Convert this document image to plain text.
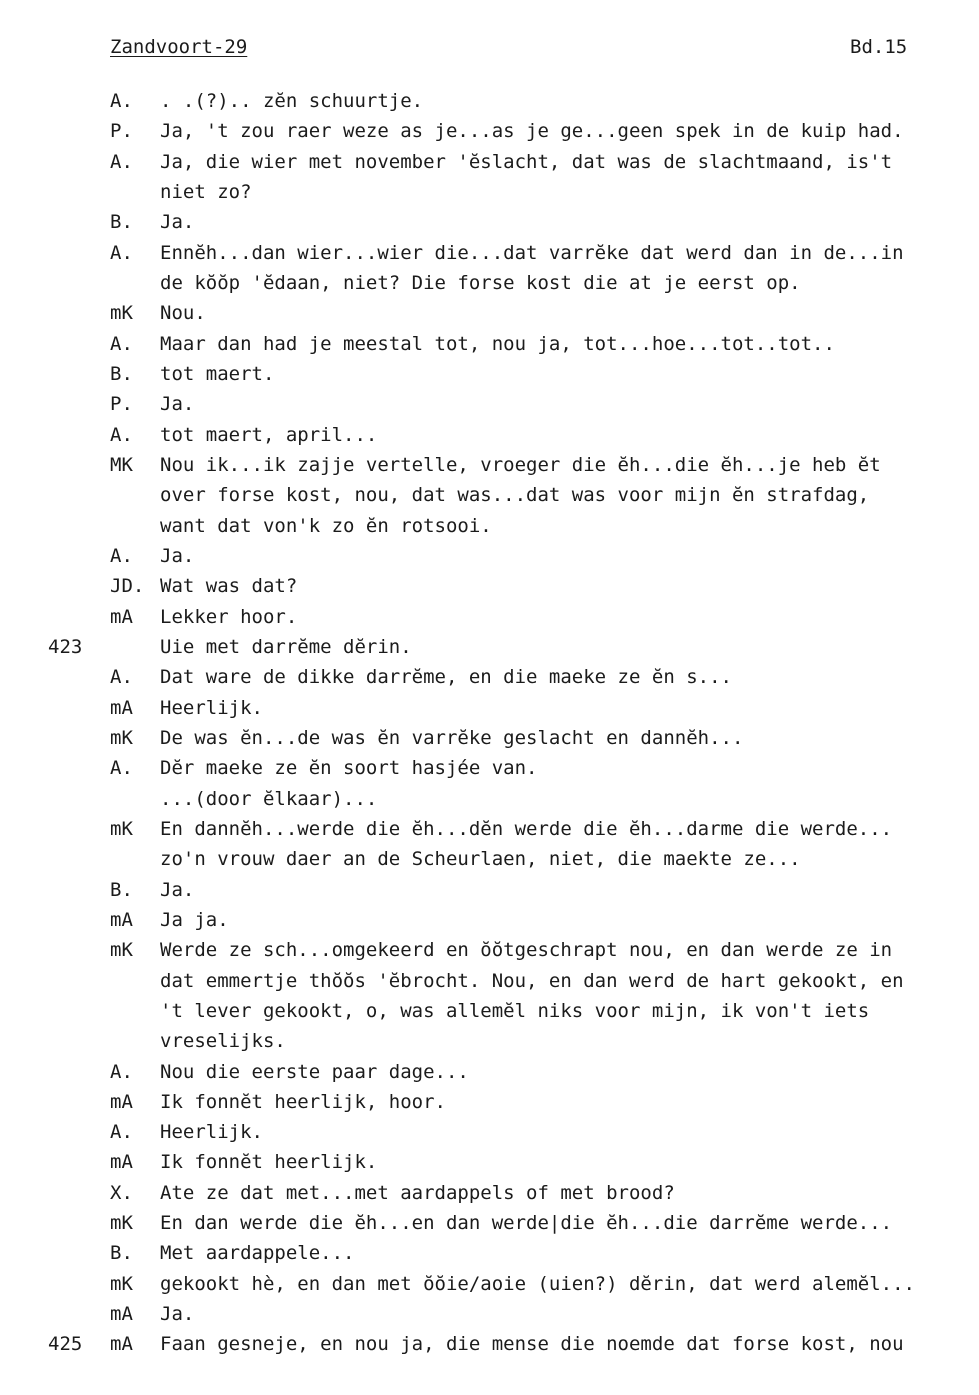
Zandvoort-29	Bd.15
A. . .(?).. zĕn schuurtje.
P. Ja, 't zou raer weze as je...as je ge...geen spek in de kuip had.
A. Ja, die wier met november 'ĕslacht, dat was de slachtmaand, is't
niet zo?
B. Ja.
A. Ennĕh...dan wier...wier die...dat varrĕke dat werd dan in de...in
de kŏŏp 'ĕdaan, niet? Die forse kost die at je eerst op.
mK Nou.
A. Maar dan had je meestal tot, nou ja, tot...hoe...tot..tot..
B. tot maert.
P. Ja.
A. tot maert, april...
MK Nou ik...ik zajje vertelle, vroeger die ĕh...die ĕh...je heb ĕt
over forse kost, nou, dat was...dat was voor mijn ĕn strafdag,
want dat von'k zo ĕn rotsooi.
A. Ja.
JD. Wat was dat?
mA Lekker hoor.
423	Uie met darrĕme dĕrin.
A. Dat ware de dikke darrĕme, en die maeke ze ĕn s...
mA Heerlijk.
mK De was ĕn...de was ĕn varrĕke geslacht en dannĕh...
A. Dĕr maeke ze ĕn soort hasjée van.
...(door ĕlkaar)...
mK En dannĕh...werde die ĕh...dĕn werde die ĕh...darme die werde...
zo'n vrouw daer an de Scheurlaen, niet, die maekte ze...
B. Ja.
mA Ja ja.
mK Werde ze sch...omgekeerd en ŏŏtgeschrapt nou, en dan werde ze in
dat emmertje thŏŏs 'ĕbrocht. Nou, en dan werd de hart gekookt, en
't lever gekookt, o, was allemĕl niks voor mijn, ik von't iets
vreselijks.
A. Nou die eerste paar dage...
mA Ik fonnĕt heerlijk, hoor.
A. Heerlijk.
mA Ik fonnĕt heerlijk.
X. Ate ze dat met...met aardappels of met brood?
mK En dan werde die ĕh...en dan werde|die ĕh...die darrĕme werde...
B. Met aardappele...
mK gekookt hè, en dan met ŏŏie/aoie (uien?) dĕrin, dat werd alemĕl...
mA Ja.
425 mA Faan gesneje, en nou ja, die mense die noemde dat forse kost, nou
